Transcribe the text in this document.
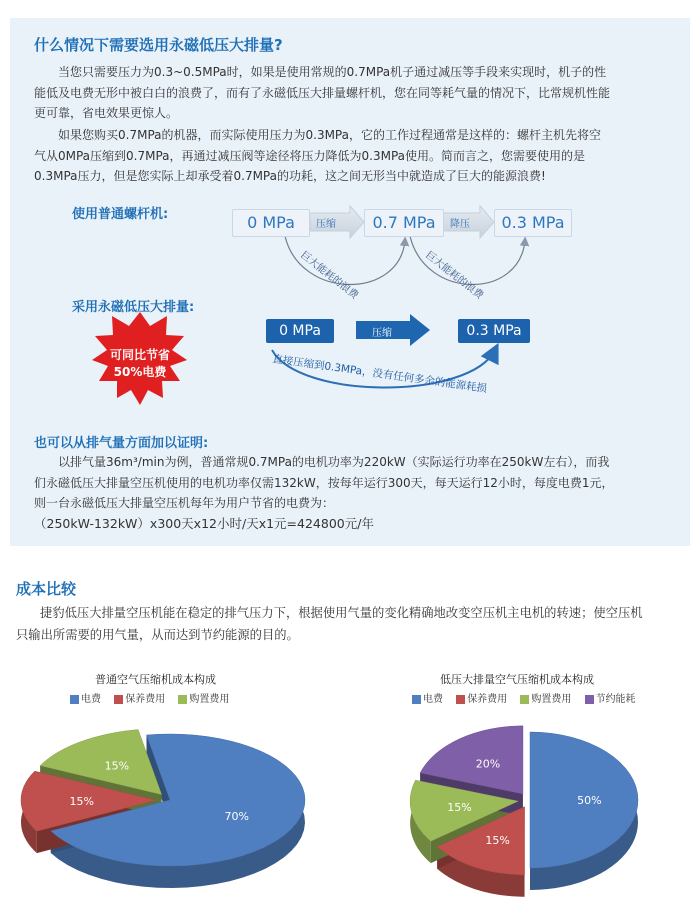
什么情况下需要选用永磁低压大排量?
当您只需要压力为0.3~0.5MPa时，如果是使用常规的0.7MPa机子通过减压等手段来实现时，机子的性
能低及电费无形中被白白的浪费了，而有了永磁低压大排量螺杆机，您在同等耗气量的情况下，比常规机性能
更可靠，省电效果更惊人。
如果您购买0.7MPa的机器，而实际使用压力为0.3MPa，它的工作过程通常是这样的：螺杆主机先将空
气从0MPa压缩到0.7MPa，再通过减压阀等途径将压力降低为0.3MPa使用。简而言之，您需要使用的是
0.3MPa压力，但是您实际上却承受着0.7MPa的功耗，这之间无形当中就造成了巨大的能源浪费!
使用普通螺杆机:
巨大能耗的浪费	巨大能耗的浪费
直接压缩到0.3MPa，没有任何多余的能源耗损
0 MPa	压缩	0.7 MPa	降压	0.3 MPa
采用永磁低压大排量:
可同比节省
50%电费
0 MPa	压缩	0.3 MPa
也可以从排气量方面加以证明:
以排气量36m³/min为例，普通常规0.7MPa的电机功率为220kW（实际运行功率在250kW左右），而我
们永磁低压大排量空压机使用的电机功率仅需132kW，按每年运行300天，每天运行12小时，每度电费1元，
则一台永磁低压大排量空压机每年为用户节省的电费为：
（250kW-132kW）x300天x12小时/天x1元=424800元/年
成本比较
捷豹低压大排量空压机能在稳定的排气压力下，根据使用气量的变化精确地改变空压机主电机的转速；使空压机
只输出所需要的用气量，从而达到节约能源的目的。
普通空气压缩机成本构成
电费 保养费用 购置费用
低压大排量空气压缩机成本构成
电费 保养费用 购置费用 节约能耗
70%
15%
15%
50%
15%
15%
20%
